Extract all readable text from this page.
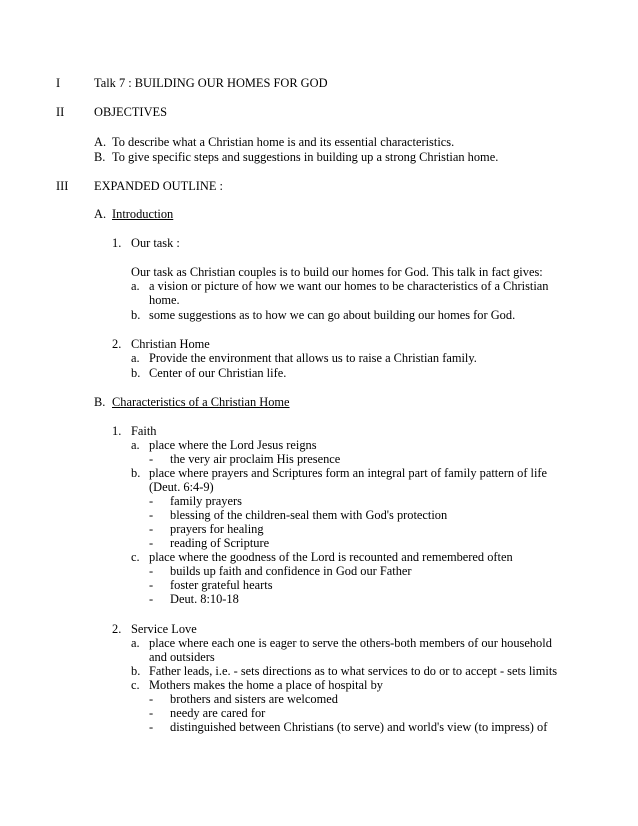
I	Talk 7 : BUILDING OUR HOMES FOR GOD
II OBJECTIVES
A. To describe what a Christian home is and its essential characteristics.
B. To give specific steps and suggestions in building up a strong Christian home.
III EXPANDED OUTLINE :
A. Introduction
1. Our task :
Our task as Christian couples is to build our homes for God. This talk in fact gives:
a. a vision or picture of how we want our homes to be characteristics of a Christian
home.
b. some suggestions as to how we can go about building our homes for God.
2. Christian Home
a. Provide the environment that allows us to raise a Christian family.
b. Center of our Christian life.
B. Characteristics of a Christian Home
1. Faith
a. place where the Lord Jesus reigns
- the very air proclaim His presence
b. place where prayers and Scriptures form an integral part of family pattern of life
(Deut. 6:4-9)
- family prayers
- blessing of the children-seal them with God's protection
- prayers for healing
- reading of Scripture
c. place where the goodness of the Lord is recounted and remembered often
- builds up faith and confidence in God our Father
- foster grateful hearts
- Deut. 8:10-18
2. Service Love
a. place where each one is eager to serve the others-both members of our household
and outsiders
b. Father leads, i.e. - sets directions as to what services to do or to accept - sets limits
c. Mothers makes the home a place of hospital by
- brothers and sisters are welcomed
- needy are cared for
- distinguished between Christians (to serve) and world's view (to impress) of
